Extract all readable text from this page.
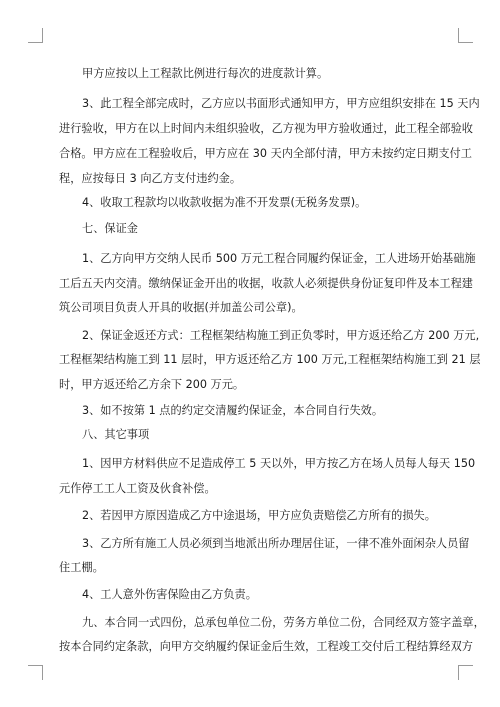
甲方应按以上工程款比例进行每次的进度款计算。
3、此工程全部完成时，乙方应以书面形式通知甲方，甲方应组织安排在 15 天内
进行验收，甲方在以上时间内未组织验收，乙方视为甲方验收通过，此工程全部验收
合格。甲方应在工程验收后，甲方应在 30 天内全部付清，甲方未按约定日期支付工
程，应按每日 3 向乙方支付违约金。
4、收取工程款均以收款收据为准不开发票(无税务发票)。
七、保证金
1、乙方向甲方交纳人民币 500 万元工程合同履约保证金，工人进场开始基础施
工后五天内交清。缴纳保证金开出的收据，收款人必须提供身份证复印件及本工程建
筑公司项目负责人开具的收据(并加盖公司公章)。
2、保证金返还方式：工程框架结构施工到正负零时，甲方返还给乙方 200 万元,
工程框架结构施工到 11 层时，甲方返还给乙方 100 万元,工程框架结构施工到 21 层
时，甲方返还给乙方余下 200 万元。
3、如不按第 1 点的约定交清履约保证金，本合同自行失效。
八、其它事项
1、因甲方材料供应不足造成停工 5 天以外，甲方按乙方在场人员每人每天 150
元作停工工人工资及伙食补偿。
2、若因甲方原因造成乙方中途退场，甲方应负责赔偿乙方所有的损失。
3、乙方所有施工人员必须到当地派出所办理居住证，一律不准外面闲杂人员留
住工棚。
4、工人意外伤害保险由乙方负责。
九、本合同一式四份，总承包单位二份，劳务方单位二份，合同经双方签字盖章，
按本合同约定条款，向甲方交纳履约保证金后生效，工程竣工交付后工程结算经双方
